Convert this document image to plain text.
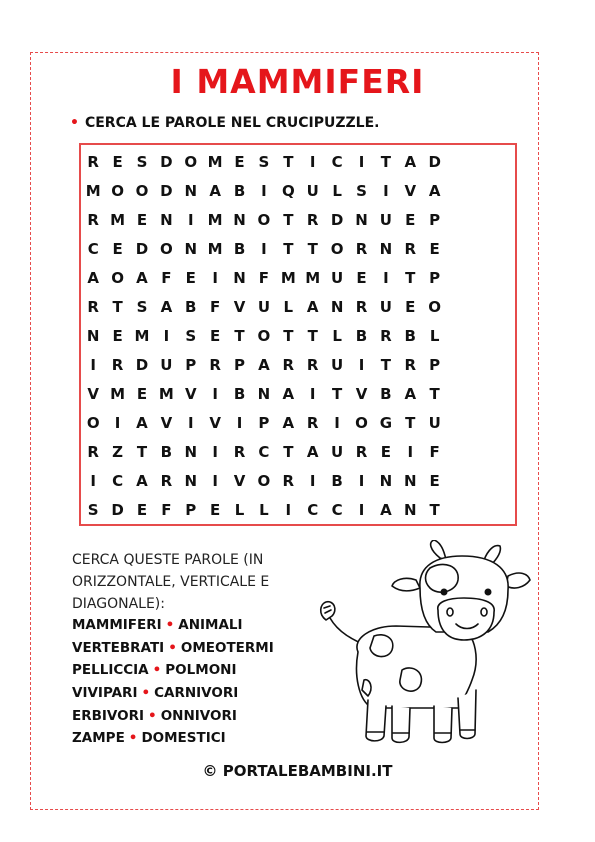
I MAMMIFERI
• CERCA LE PAROLE NEL CRUCIPUZZLE.
R E S D O M E S T	I	C	I	T A D
M O O D N A B	I	Q U L S	I	V A
R M E N	I M N O T R D N U E P
C E D O N M B	I	T T O R N R E
A O A F E	I	N F M M U E	I	T P
R T S A B F V U L A N R U E O
N E M I	S E T O T T L B R B L
I	R D U P R P A R R U	I	T R P
V M E M V	I	B N A	I	T V B A T
O	I	A V	I	V	I	P A R	I	O G T U
R Z T B N	I	R C T A U R E	I	F
I	C A R N	I	V O R	I	B	I	N N E
S D E F P E L L	I	C C	I	A N T
CERCA QUESTE PAROLE (IN ORIZZONTALE, VERTICALE E DIAGONALE):
MAMMIFERI • ANIMALI
VERTEBRATI • OMEOTERMI
PELLICCIA • POLMONI
VIVIPARI • CARNIVORI
ERBIVORI • ONNIVORI
ZAMPE • DOMESTICI
© PORTALEBAMBINI.IT
